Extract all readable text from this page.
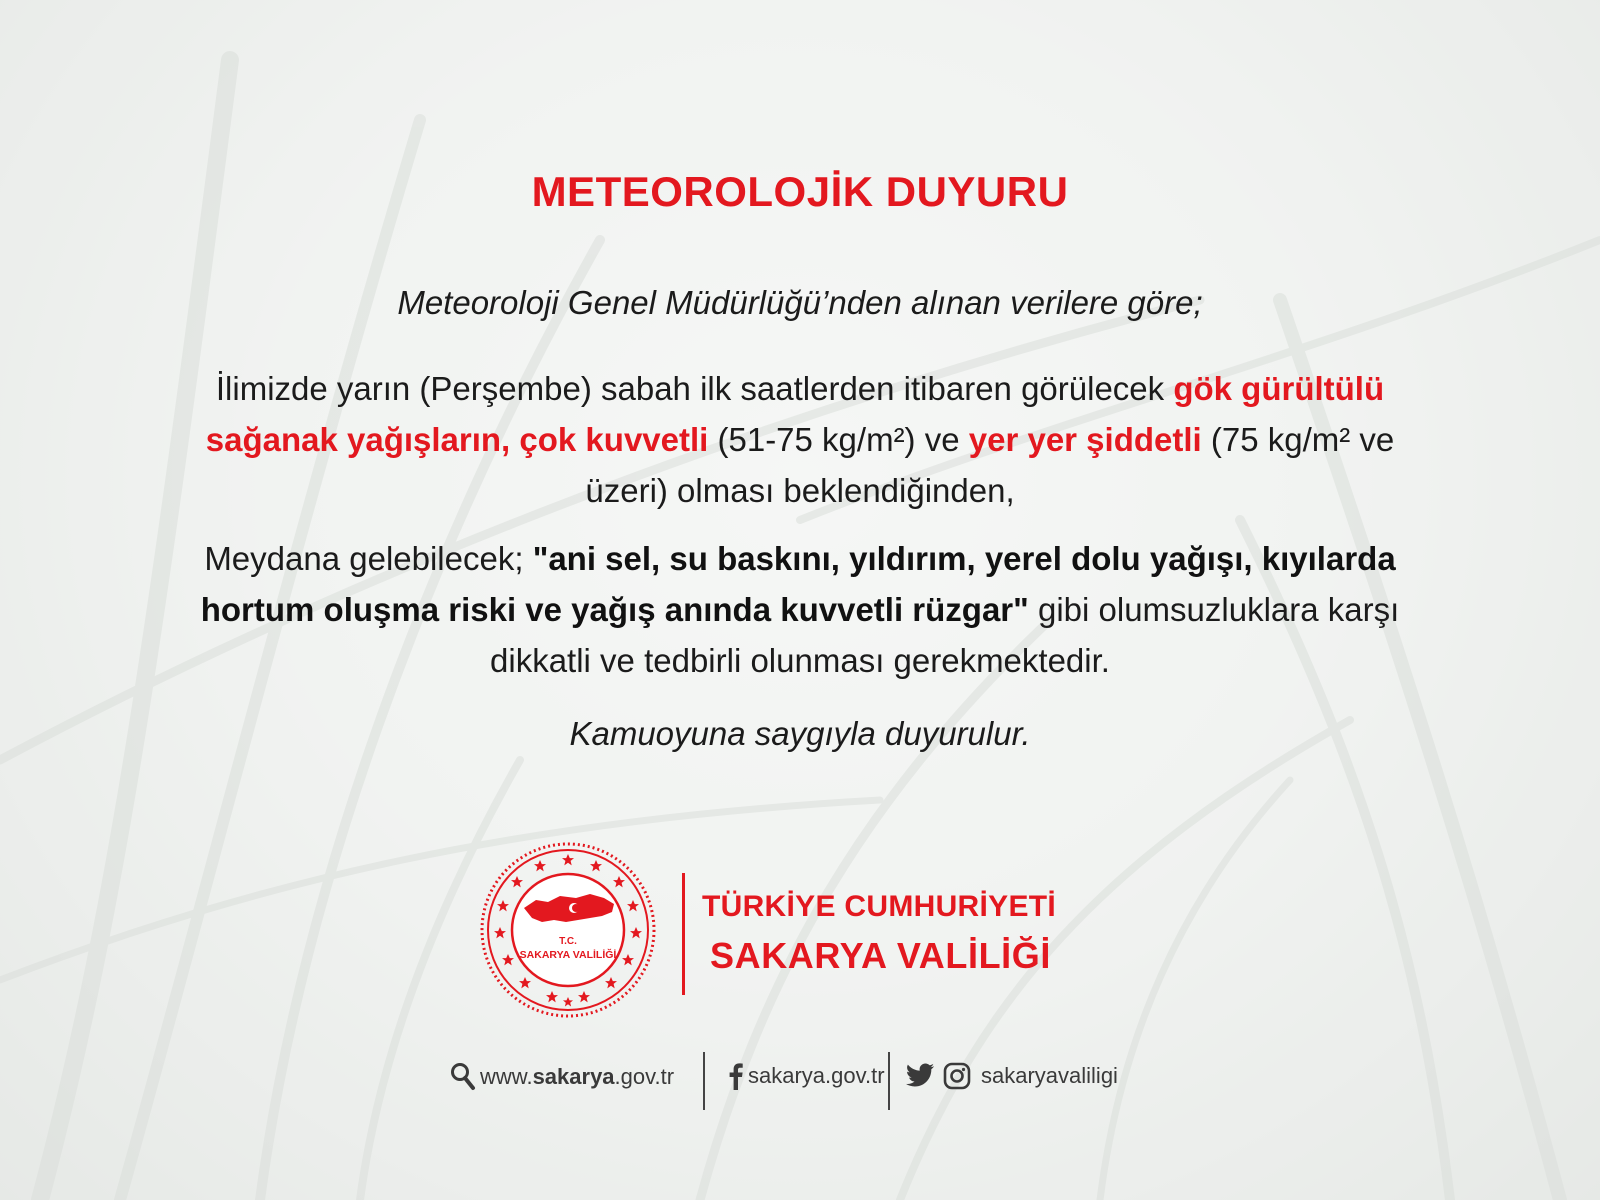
METEOROLOJİK DUYURU
Meteoroloji Genel Müdürlüğü’nden alınan verilere göre;
İlimizde yarın (Perşembe) sabah ilk saatlerden itibaren görülecek gök gürültülü sağanak yağışların, çok kuvvetli (51-75 kg/m²) ve yer yer şiddetli (75 kg/m² ve üzeri) olması beklendiğinden,
Meydana gelebilecek; "ani sel, su baskını, yıldırım, yerel dolu yağışı, kıyılarda hortum oluşma riski ve yağış anında kuvvetli rüzgar" gibi olumsuzluklara karşı dikkatli ve tedbirli olunması gerekmektedir.
Kamuoyuna saygıyla duyurulur.
T.C.
SAKARYA VALİLİĞİ
TÜRKİYE CUMHURİYETİ
SAKARYA VALİLİĞİ
www.sakarya.gov.tr	sakarya.gov.tr	sakaryavaliligi
